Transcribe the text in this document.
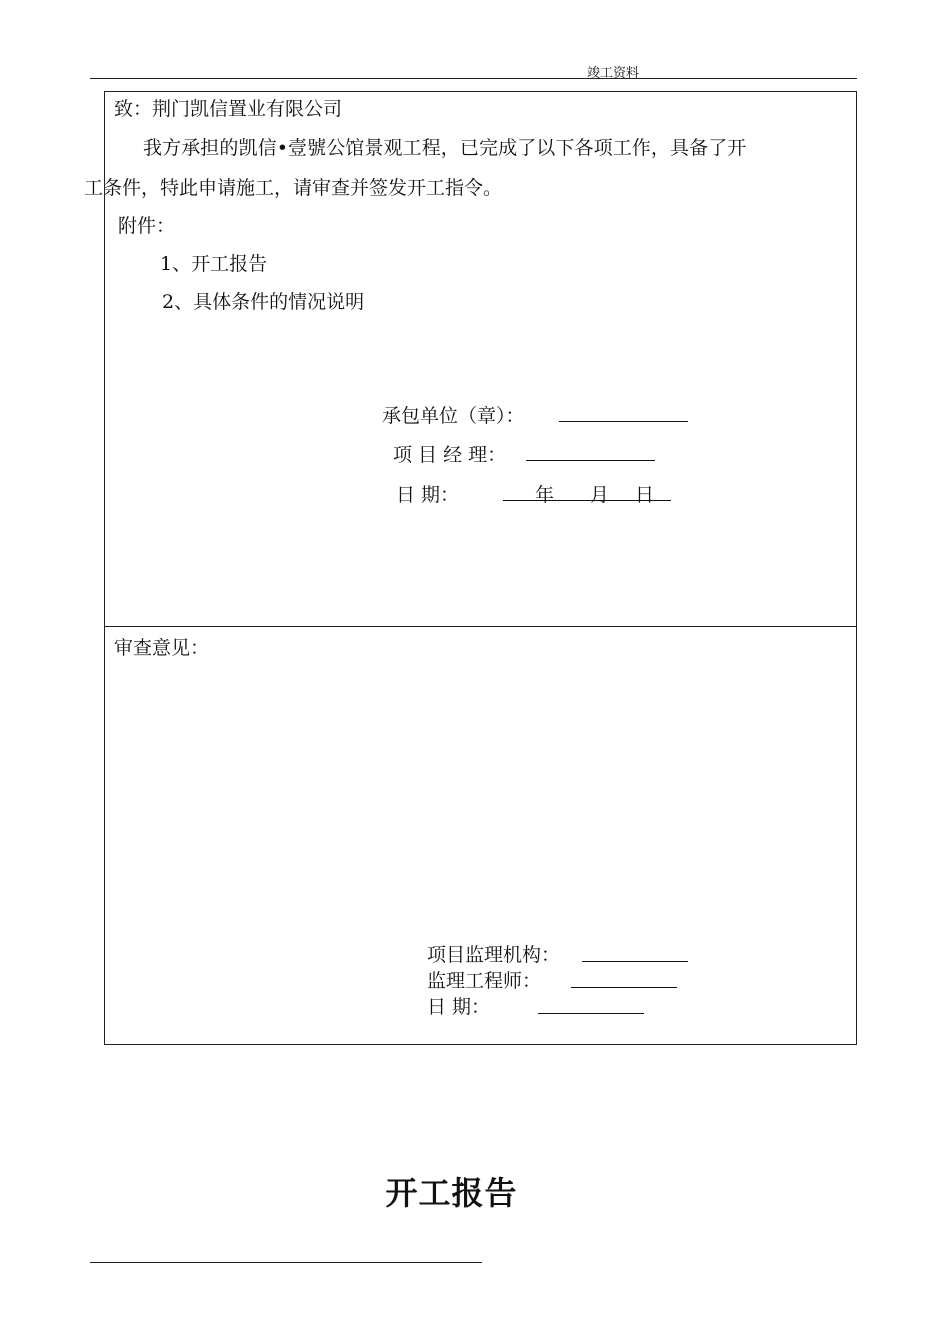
竣工资料
致：荆门凯信置业有限公司
我方承担的凯信•壹號公馆景观工程，已完成了以下各项工作，具备了开
工条件，特此申请施工，请审查并签发开工指令。
附件：
1、开工报告
2、具体条件的情况说明
承包单位（章）：
项 目 经 理：
日 期：	年 月 日
审查意见：
项目监理机构：
监理工程师：
日 期：
开工报告
